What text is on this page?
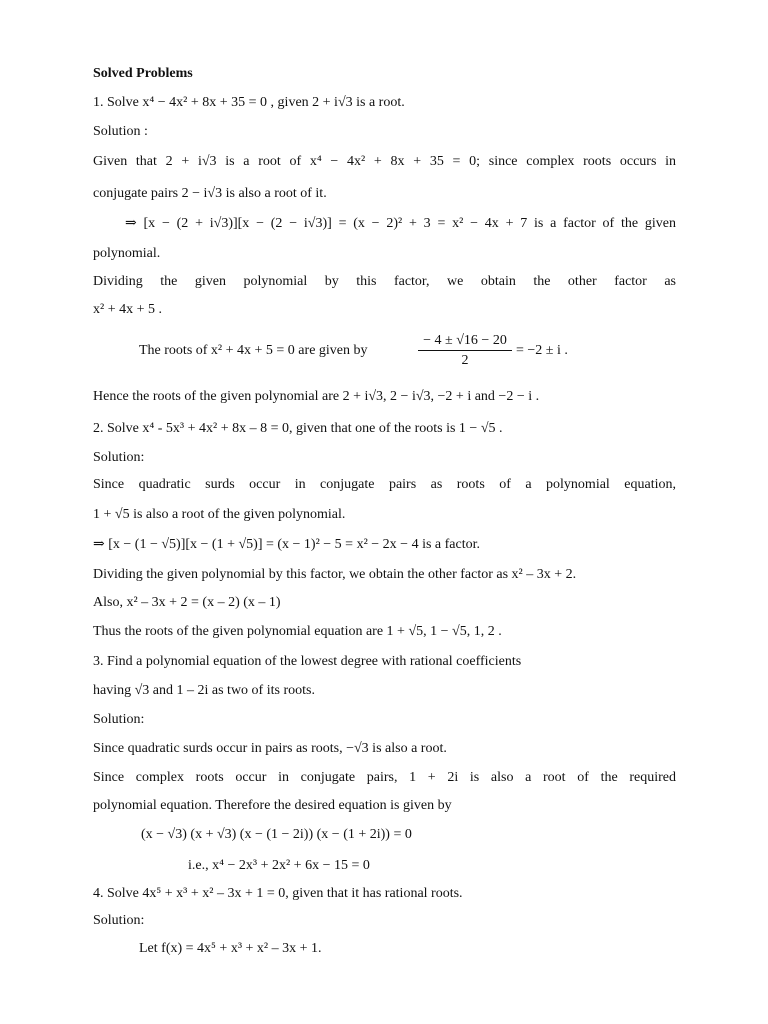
Solved Problems
1. Solve x⁴ − 4x² + 8x + 35 = 0 , given 2 + i√3 is a root.
Solution :
Given that 2 + i√3 is a root of x⁴ − 4x² + 8x + 35 = 0; since complex roots occurs in
conjugate pairs 2 − i√3 is also a root of it.
⇒ [x − (2 + i√3)][x − (2 − i√3)] = (x − 2)² + 3 = x² − 4x + 7 is a factor of the given
polynomial.
Dividing the given polynomial by this factor, we obtain the other factor as
x² + 4x + 5 .
The roots of x² + 4x + 5 = 0 are given by	$\frac{- 4 \pm √16 - 20}{2} = -2 \pm i$ .
Hence the roots of the given polynomial are 2 + i√3, 2 − i√3, −2 + i and −2 − i .
2. Solve x⁴ - 5x³ + 4x² + 8x – 8 = 0, given that one of the roots is 1 − √5 .
Solution:
Since quadratic surds occur in conjugate pairs as roots of a polynomial equation,
1 + √5 is also a root of the given polynomial.
⇒ [x − (1 − √5)][x − (1 + √5)] = (x − 1)² − 5 = x² − 2x − 4 is a factor.
Dividing the given polynomial by this factor, we obtain the other factor as x² – 3x + 2.
Also, x² – 3x + 2 = (x – 2) (x – 1)
Thus the roots of the given polynomial equation are 1 + √5, 1 − √5, 1, 2 .
3. Find a polynomial equation of the lowest degree with rational coefficients
having √3 and 1 – 2i as two of its roots.
Solution:
Since quadratic surds occur in pairs as roots, −√3 is also a root.
Since complex roots occur in conjugate pairs, 1 + 2i is also a root of the required
polynomial equation. Therefore the desired equation is given by
(x − √3) (x + √3) (x − (1 − 2i)) (x − (1 + 2i)) = 0
i.e., x⁴ − 2x³ + 2x² + 6x − 15 = 0
4. Solve 4x⁵ + x³ + x² – 3x + 1 = 0, given that it has rational roots.
Solution:
Let f(x) = 4x⁵ + x³ + x² – 3x + 1.
